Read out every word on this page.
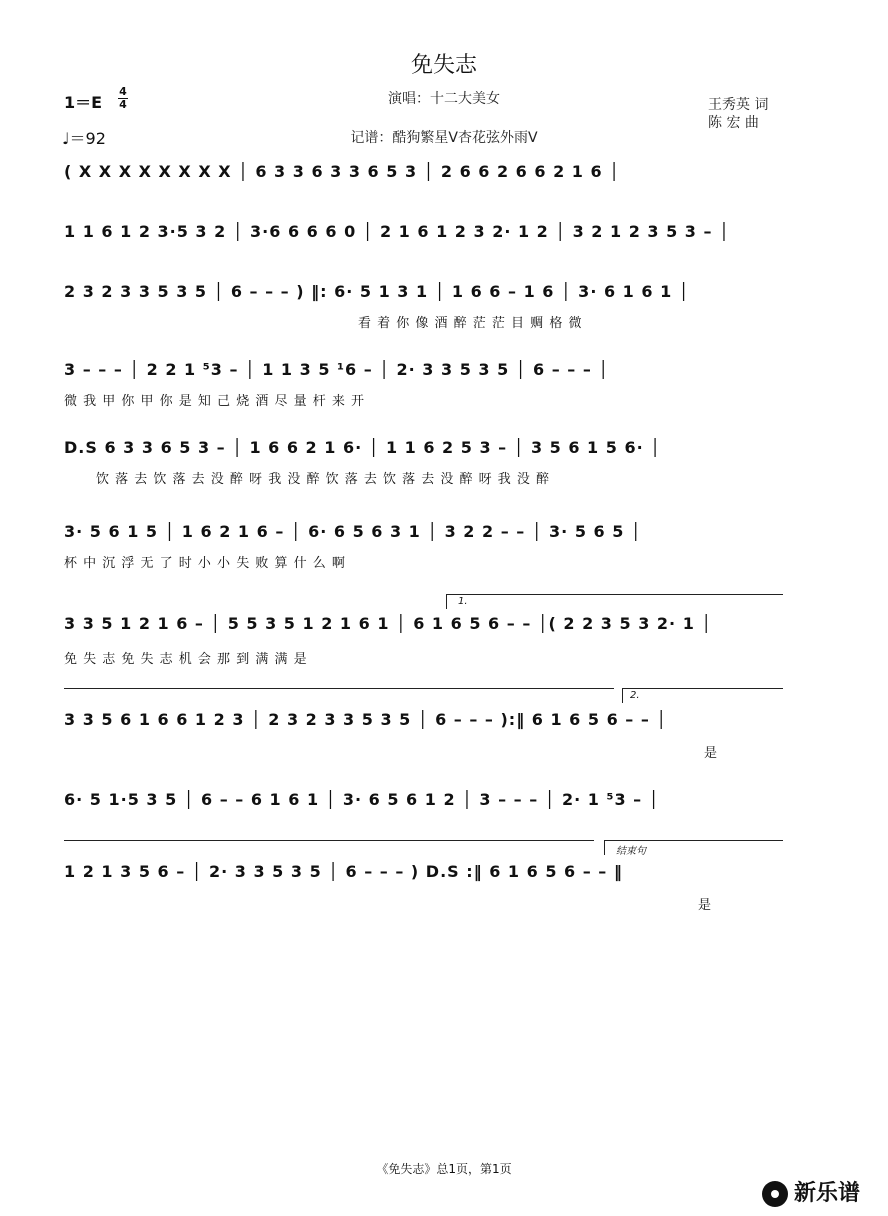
免失志
1＝E
4
4
♩＝92
演唱：十二大美女
记谱：酷狗繁星V杏花弦外雨V
王秀英 词
陈 宏 曲
( X X X X X X X X │ 6 3 3 6 3 3 6 5 3 │ 2 6 6 2 6 6 2 1 6 │
1 1 6 1 2 3·5 3 2 │ 3·6 6 6 6 0 │ 2 1 6 1 2 3 2· 1 2 │ 3 2 1 2 3 5 3 – │
2 3 2 3 3 5 3 5 │ 6 – – – ) ‖: 6· 5 1 3 1 │ 1 6 6 – 1 6 │ 3· 6 1 6 1 │
看 着 你 像 酒 醉 茫 茫 目 赒 格 微
3 – – – │ 2 2 1 ⁵3 – │ 1 1 3 5 ¹6 – │ 2· 3 3 5 3 5 │ 6 – – – │
微 我 甲 你 甲 你 是 知 己 烧 酒 尽 量 杆 来 开
D.S 6 3 3 6 5 3 – │ 1 6 6 2 1 6· │ 1 1 6 2 5 3 – │ 3 5 6 1 5 6· │
饮 落 去 饮 落 去 没 醉 呀 我 没 醉 饮 落 去 饮 落 去 没 醉 呀 我 没 醉
3· 5 6 1 5 │ 1 6 2 1 6 – │ 6· 6 5 6 3 1 │ 3 2 2 – – │ 3· 5 6 5 │
杯 中 沉 浮 无 了 时 小 小 失 败 算 什 么 啊
1.
3 3 5 1 2 1 6 – │ 5 5 3 5 1 2 1 6 1 │ 6 1 6 5 6 – – │( 2 2 3 5 3 2· 1 │
免 失 志 免 失 志 机 会 那 到 满 满 是
2.
3 3 5 6 1 6 6 1 2 3 │ 2 3 2 3 3 5 3 5 │ 6 – – – ):‖ 6 1 6 5 6 – – │
是
6· 5 1·5 3 5 │ 6 – – 6 1 6 1 │ 3· 6 5 6 1 2 │ 3 – – – │ 2· 1 ⁵3 – │
结束句
1 2 1 3 5 6 – │ 2· 3 3 5 3 5 │ 6 – – – ) D.S :‖ 6 1 6 5 6 – – ‖
是
《免失志》总1页，第1页
新乐谱
